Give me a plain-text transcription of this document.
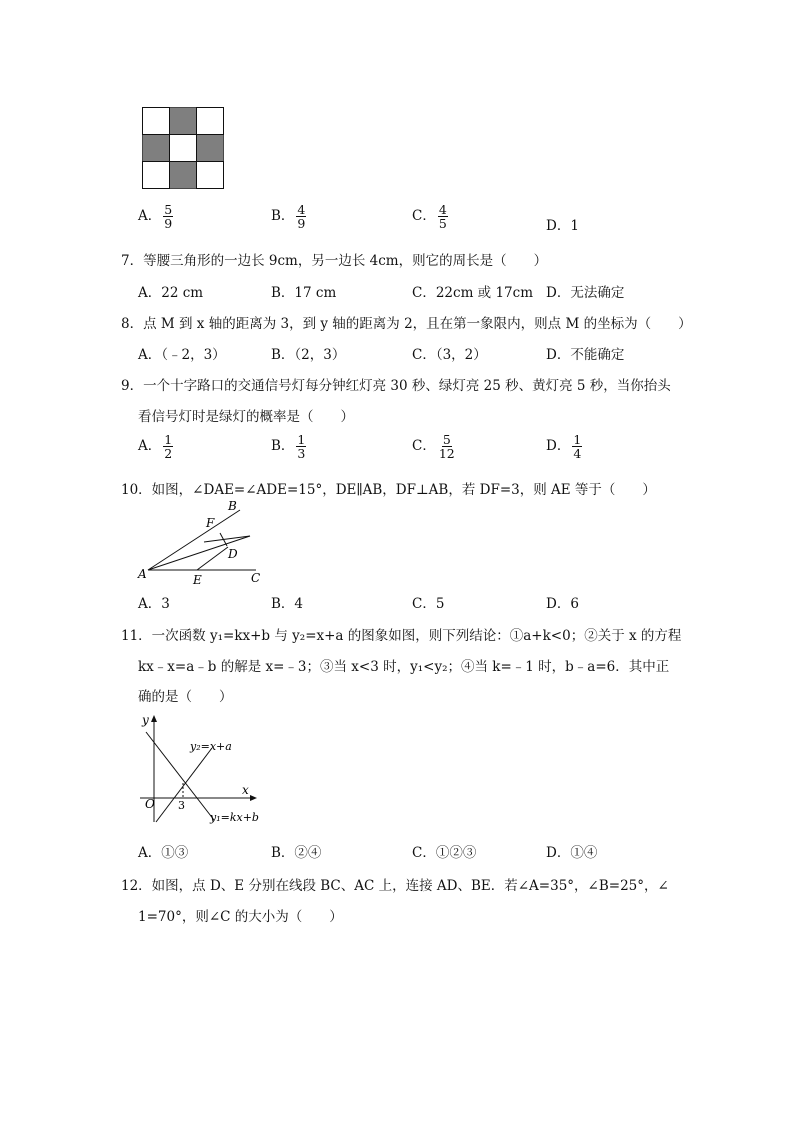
A． $\frac{5}{9}$	B． $\frac{4}{9}$	C． $\frac{4}{5}$	D．1
7．等腰三角形的一边长 9cm，另一边长 4cm，则它的周长是（　　）
A．22 cm	B．17 cm	C．22cm 或 17cm D．无法确定
8．点 M 到 x 轴的距离为 3，到 y 轴的距离为 2，且在第一象限内，则点 M 的坐标为（　　）
A．（﹣2，3）	B．（2，3）	C．（3，2）	D．不能确定
9．一个十字路口的交通信号灯每分钟红灯亮 30 秒、绿灯亮 25 秒、黄灯亮 5 秒，当你抬头
看信号灯时是绿灯的概率是（　　）
A． $\frac{1}{2}$	B． $\frac{1}{3}$	C． $\frac{5}{12}$	D． $\frac{1}{4}$
10．如图，∠DAE=∠ADE=15°，DE∥AB，DF⊥AB，若 DF=3，则 AE 等于（　　）
A
B
F
D
E	C
A．3	B．4	C．5	D．6
11．一次函数 y₁=kx+b 与 y₂=x+a 的图象如图，则下列结论：①a+k<0；②关于 x 的方程
kx﹣x=a﹣b 的解是 x=﹣3；③当 x<3 时，y₁<y₂；④当 k=﹣1 时，b﹣a=6．其中正
确的是（　　）
y
x
O 3
y₂=x+a
y₁=kx+b
A．①③	B．②④	C．①②③	D．①④
12．如图，点 D、E 分别在线段 BC、AC 上，连接 AD、BE．若∠A=35°，∠B=25°，∠
1=70°，则∠C 的大小为（　　）
